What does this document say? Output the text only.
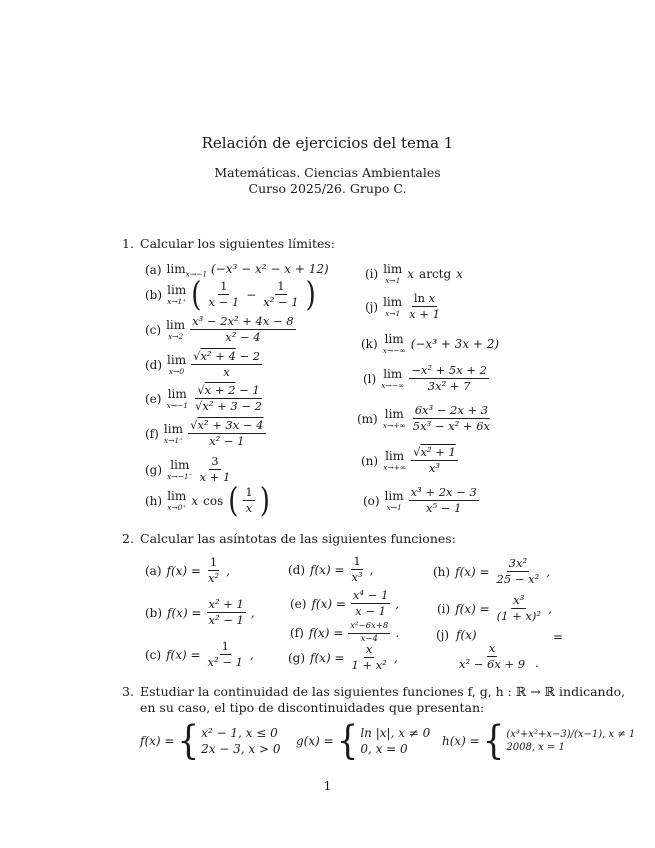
Relación de ejercicios del tema 1
Matemáticas. Ciencias Ambientales
Curso 2025/26. Grupo C.
1. Calcular los siguientes límites:
(a) $\lim_{x\to-1} (-x^3 - x^2 - x + 12)$
(b) lim
x→1⁺ ( $\frac{1}{x - 1} - \frac{1}{\text{x² − 1}}$ )
(c) lim
$x\to 2 \frac{\text{x³ − 2x² + 4x − 8}}{\text{x² − 4}}$
(d) lim
$x\to 0 \frac{\text{√x² + 4 − 2}}{x}$
(e) lim
$x\to-1 \frac{√x + 2 - 1}{\text{√x² + 3 − 2}}$
(f) lim
$x\to 1^+ \frac{\text{√x² + 3x − 4}}{\text{x² − 1}}$
(g) lim
$x\to-1^- \frac{3}{x + 1}$
(h) lim
x→0⁺ x cos ( $\frac{1}{x}$ )
(i) lim
x→1 x arctg x
(j) lim
$x\to 1 \frac{\text{ln x}}{x + 1}$
(k) lim
x→−∞ (−x³ + 3x + 2)
(l) lim
$x\to-\infty \frac{\text{−x² + 5x + 2}}{\text{3x² + 7}}$
(m) lim
$x\to+\infty \frac{\text{6x³ − 2x + 3}}{\text{5x³ − x² + 6x}}$
(n) lim
$x\to+\infty \frac{\text{√x² + 1}}{\text{x³}}$
(o) lim
$x\to 1 \frac{\text{x³ + 2x − 3}}{\text{x⁵ − 1}}$
2. Calcular las asíntotas de las siguientes funciones:
(a) $f(x) = \frac{1}{\text{x²}}$ ,
(b) $f(x) = \frac{\text{x² + 1}}{\text{x² − 1}}$ ,
(c) $f(x) = \frac{1}{\text{x² − 1}}$ ,
(d) $f(x) = \frac{1}{\text{x³}}$ ,
(e) $f(x) = \frac{\text{x⁴ − 1}}{x - 1}$ ,
(f) $f(x) = \frac{\text{x²−6x+8}}{x-4}$ .
(g) $f(x) = \frac{x}{\text{1 + x²}}$ ,
(h) $f(x) = \frac{\text{3x²}}{\text{25 − x²}}$ ,
(i) $f(x) = \frac{\text{x³}}{\text{(1 + x)²}}$ ,
(j) f(x)	=
$\frac{x}{\text{x² − 6x + 9}}$ .
3. Estudiar la continuidad de las siguientes funciones f, g, h : ℝ → ℝ indicando,
en su caso, el tipo de discontinuidades que presentan:
f(x) = { x² − 1, x ≤ 0
2x − 3, x > 0
g(x) = { ln |x|, x ≠ 0
0, x = 0
h(x) = { (x³+x²+x−3)/(x−1), x ≠ 1
2008, x = 1
1
